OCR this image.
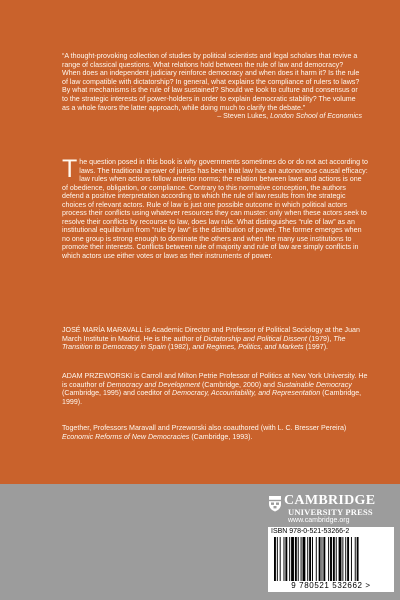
“A thought-provoking collection of studies by political scientists and legal scholars that revive a range of classical questions. What relations hold between the rule of law and democracy? When does an independent judiciary reinforce democracy and when does it harm it? Is the rule of law compatible with dictatorship? In general, what explains the compliance of rulers to laws? By what mechanisms is the rule of law sustained? Should we look to culture and consensus or to the strategic interests of power-holders in order to explain democratic stability? The volume as a whole favors the latter approach, while doing much to clarify the debate.”
– Steven Lukes, London School of Economics
The question posed in this book is why governments sometimes do or do not act according to laws. The traditional answer of jurists has been that law has an autonomous causal efficacy: law rules when actions follow anterior norms; the relation between laws and actions is one of obedience, obligation, or compliance. Contrary to this normative conception, the authors defend a positive interpretation according to which the rule of law results from the strategic choices of relevant actors. Rule of law is just one possible outcome in which political actors process their conflicts using whatever resources they can muster: only when these actors seek to resolve their conflicts by recourse to law, does law rule. What distinguishes “rule of law” as an institutional equilibrium from “rule by law” is the distribution of power. The former emerges when no one group is strong enough to dominate the others and when the many use institutions to promote their interests. Conflicts between rule of majority and rule of law are simply conflicts in which actors use either votes or laws as their instruments of power.
JOSÉ MARÍA MARAVALL is Academic Director and Professor of Political Sociology at the Juan March Institute in Madrid. He is the author of Dictatorship and Political Dissent (1979), The Transition to Democracy in Spain (1982), and Regimes, Politics, and Markets (1997).
ADAM PRZEWORSKI is Carroll and Milton Petrie Professor of Politics at New York University. He is coauthor of Democracy and Development (Cambridge, 2000) and Sustainable Democracy (Cambridge, 1995) and coeditor of Democracy, Accountability, and Representation (Cambridge, 1999).
Together, Professors Maravall and Przeworski also coauthored (with L. C. Bresser Pereira) Economic Reforms of New Democracies (Cambridge, 1993).
CAMBRIDGE
UNIVERSITY PRESS
www.cambridge.org
ISBN 978-0-521-53266-2
9 780521 532662 >
